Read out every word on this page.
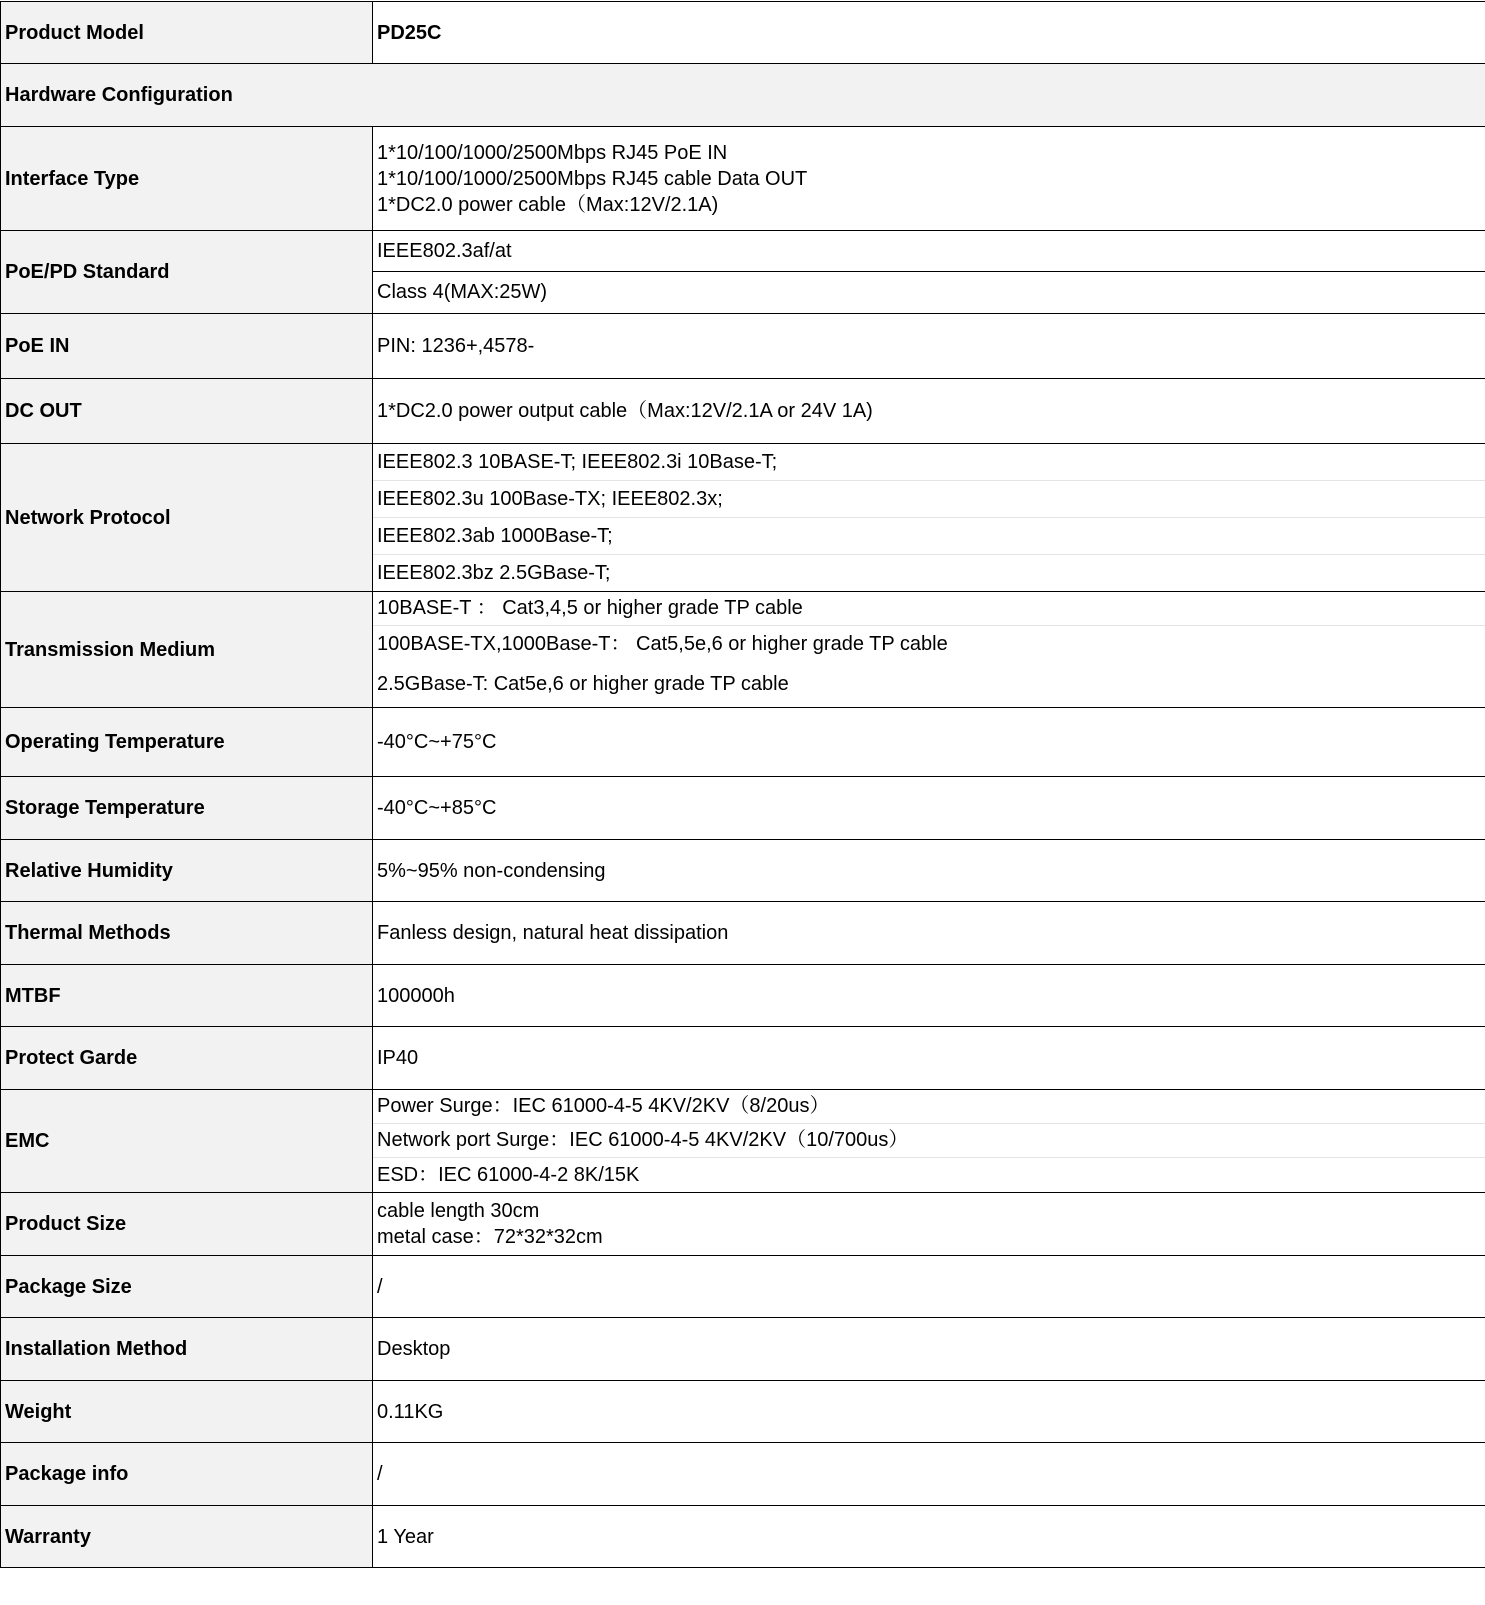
Product Model	PD25C
Hardware Configuration	
Interface Type	1*10/100/1000/2500Mbps RJ45 PoE IN
1*10/100/1000/2500Mbps RJ45 cable Data OUT
1*DC2.0 power cable（Max:12V/2.1A)

PoE/PD Standard	IEEE802.3af/at
Class 4(MAX:25W)

PoE IN	PIN: 1236+,4578-
DC OUT	1*DC2.0 power output cable（Max:12V/2.1A or 24V 1A)
Network Protocol	IEEE802.3 10BASE-T; IEEE802.3i 10Base-T;
IEEE802.3u 100Base-TX; IEEE802.3x;
IEEE802.3ab 1000Base-T;
IEEE802.3bz 2.5GBase-T;

Transmission Medium	10BASE-T ： Cat3,4,5 or higher grade TP cable
100BASE-TX,1000Base-T： Cat5,5e,6 or higher grade TP cable
2.5GBase-T: Cat5e,6 or higher grade TP cable

Operating Temperature	-40°C~+75°C
Storage Temperature	-40°C~+85°C
Relative Humidity	5%~95% non-condensing
Thermal Methods	Fanless design, natural heat dissipation
MTBF	100000h
Protect Garde	IP40
EMC	Power Surge：IEC 61000-4-5 4KV/2KV（8/20us）
Network port Surge：IEC 61000-4-5 4KV/2KV（10/700us）
ESD：IEC 61000-4-2 8K/15K

Product Size	cable length 30cm
metal case：72*32*32cm

Package Size	/
Installation Method	Desktop
Weight	0.11KG
Package info	/
Warranty	1 Year
